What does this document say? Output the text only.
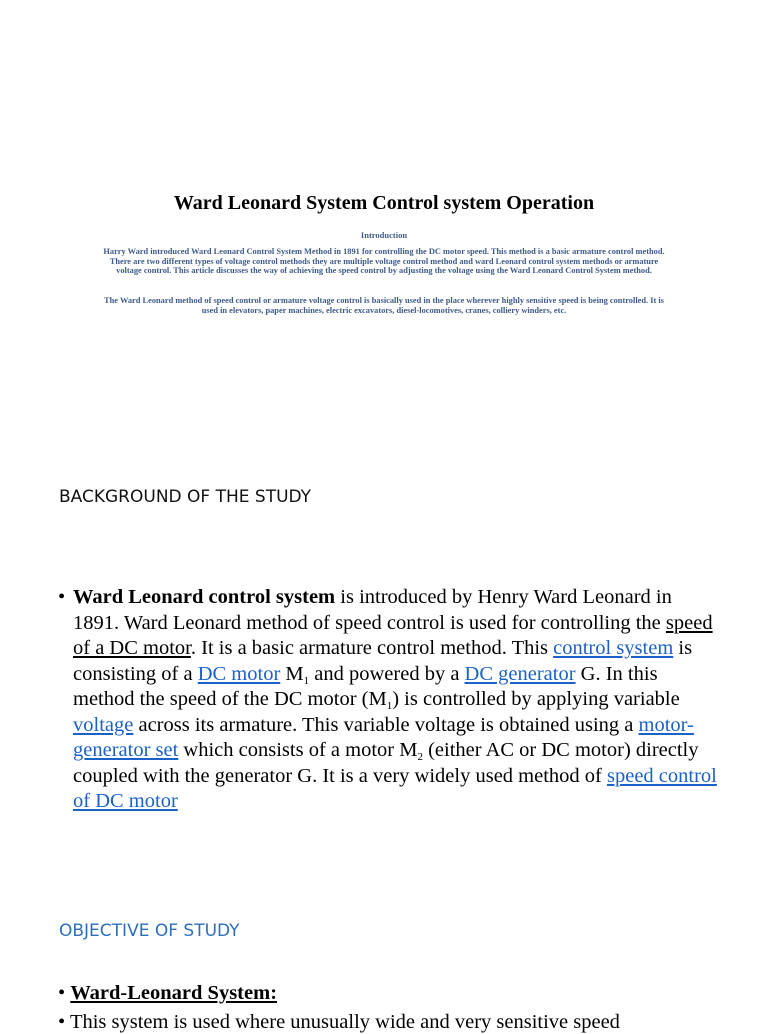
Ward Leonard System Control system Operation

Introduction

Harry Ward introduced Ward Leonard Control System Method in 1891 for controlling the DC motor speed. This method is a basic armature control method. There are two different types of voltage control methods they are multiple voltage control method and ward Leonard control system methods or armature voltage control. This article discusses the way of achieving the speed control by adjusting the voltage using the Ward Leonard Control System method.

The Ward Leonard method of speed control or armature voltage control is basically used in the place wherever highly sensitive speed is being controlled. It is used in elevators, paper machines, electric excavators, diesel-locomotives, cranes, colliery winders, etc.

BACKGROUND OF THE STUDY

• Ward Leonard control system is introduced by Henry Ward Leonard in 1891. Ward Leonard method of speed control is used for controlling the speed of a DC motor. It is a basic armature control method. This control system is consisting of a DC motor $M_1$ and powered by a DC generator G. In this method the speed of the DC motor $(M_1)$ is controlled by applying variable voltage across its armature. This variable voltage is obtained using a motor-generator set which consists of a motor $M_2$ (either AC or DC motor) directly coupled with the generator G. It is a very widely used method of speed control of DC motor

OBJECTIVE OF STUDY

• Ward-Leonard System:

• This system is used where unusually wide and very sensitive speed
